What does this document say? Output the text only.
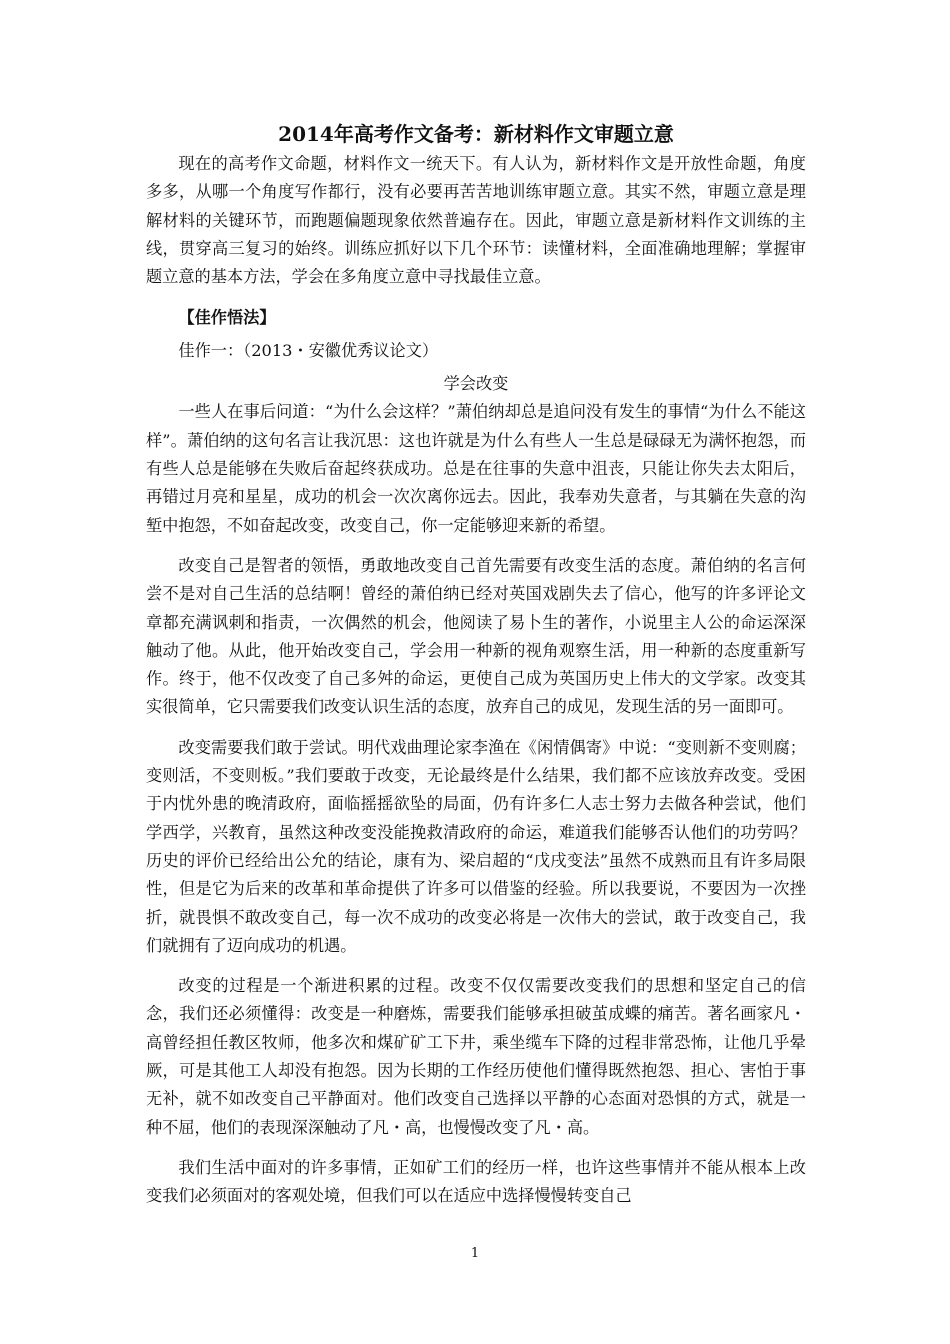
2014年高考作文备考：新材料作文审题立意

现在的高考作文命题，材料作文一统天下。有人认为，新材料作文是开放性命题，角度多多，从哪一个角度写作都行，没有必要再苦苦地训练审题立意。其实不然，审题立意是理解材料的关键环节，而跑题偏题现象依然普遍存在。因此，审题立意是新材料作文训练的主线，贯穿高三复习的始终。训练应抓好以下几个环节：读懂材料，全面准确地理解；掌握审题立意的基本方法，学会在多角度立意中寻找最佳立意。

【佳作悟法】

佳作一：（2013・安徽优秀议论文）

学会改变

一些人在事后问道：“为什么会这样？”萧伯纳却总是追问没有发生的事情“为什么不能这样”。萧伯纳的这句名言让我沉思：这也许就是为什么有些人一生总是碌碌无为满怀抱怨，而有些人总是能够在失败后奋起终获成功。总是在往事的失意中沮丧，只能让你失去太阳后，再错过月亮和星星，成功的机会一次次离你远去。因此，我奉劝失意者，与其躺在失意的沟堑中抱怨，不如奋起改变，改变自己，你一定能够迎来新的希望。

改变自己是智者的领悟，勇敢地改变自己首先需要有改变生活的态度。萧伯纳的名言何尝不是对自己生活的总结啊！曾经的萧伯纳已经对英国戏剧失去了信心，他写的许多评论文章都充满讽刺和指责，一次偶然的机会，他阅读了易卜生的著作，小说里主人公的命运深深触动了他。从此，他开始改变自己，学会用一种新的视角观察生活，用一种新的态度重新写作。终于，他不仅改变了自己多舛的命运，更使自己成为英国历史上伟大的文学家。改变其实很简单，它只需要我们改变认识生活的态度，放弃自己的成见，发现生活的另一面即可。

改变需要我们敢于尝试。明代戏曲理论家李渔在《闲情偶寄》中说：“变则新不变则腐；变则活，不变则板。”我们要敢于改变，无论最终是什么结果，我们都不应该放弃改变。受困于内忧外患的晚清政府，面临摇摇欲坠的局面，仍有许多仁人志士努力去做各种尝试，他们学西学，兴教育，虽然这种改变没能挽救清政府的命运，难道我们能够否认他们的功劳吗？历史的评价已经给出公允的结论，康有为、梁启超的“戊戌变法”虽然不成熟而且有许多局限性，但是它为后来的改革和革命提供了许多可以借鉴的经验。所以我要说，不要因为一次挫折，就畏惧不敢改变自己，每一次不成功的改变必将是一次伟大的尝试，敢于改变自己，我们就拥有了迈向成功的机遇。

改变的过程是一个渐进积累的过程。改变不仅仅需要改变我们的思想和坚定自己的信念，我们还必须懂得：改变是一种磨炼，需要我们能够承担破茧成蝶的痛苦。著名画家凡・高曾经担任教区牧师，他多次和煤矿矿工下井，乘坐缆车下降的过程非常恐怖，让他几乎晕厥，可是其他工人却没有抱怨。因为长期的工作经历使他们懂得既然抱怨、担心、害怕于事无补，就不如改变自己平静面对。他们改变自己选择以平静的心态面对恐惧的方式，就是一种不屈，他们的表现深深触动了凡・高，也慢慢改变了凡・高。

我们生活中面对的许多事情，正如矿工们的经历一样，也许这些事情并不能从根本上改变我们必须面对的客观处境，但我们可以在适应中选择慢慢转变自己

1
